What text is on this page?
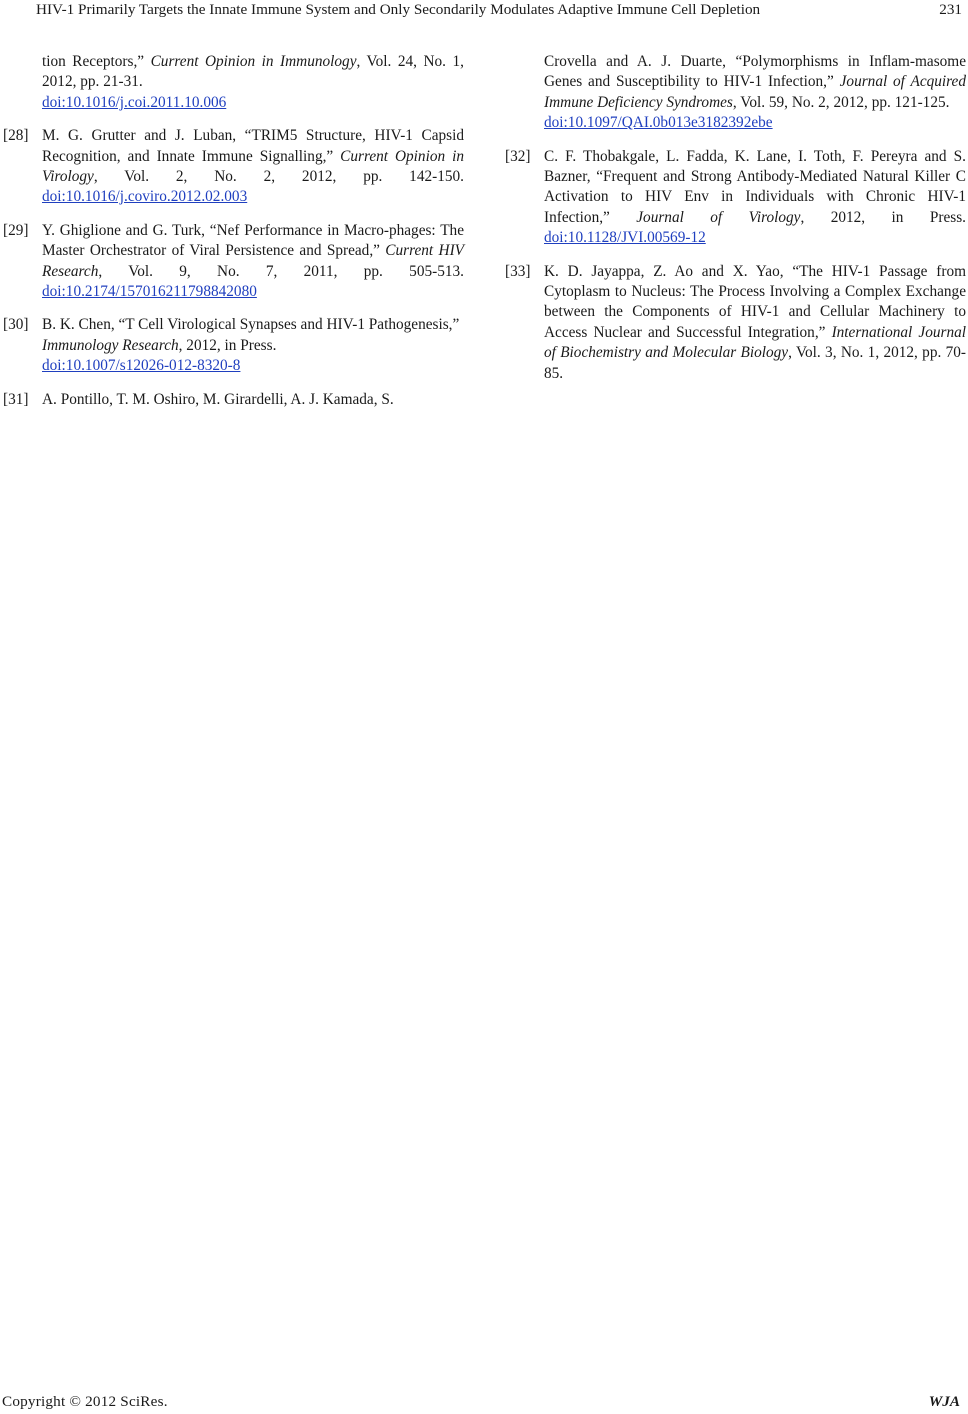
HIV-1 Primarily Targets the Innate Immune System and Only Secondarily Modulates Adaptive Immune Cell Depletion	231
tion Receptors,” Current Opinion in Immunology, Vol. 24, No. 1, 2012, pp. 21-31.
doi:10.1016/j.coi.2011.10.006
[28] M. G. Grutter and J. Luban, “TRIM5 Structure, HIV-1 Capsid Recognition, and Innate Immune Signalling,” Current Opinion in Virology, Vol. 2, No. 2, 2012, pp. 142-150. doi:10.1016/j.coviro.2012.02.003
[29] Y. Ghiglione and G. Turk, “Nef Performance in Macro-phages: The Master Orchestrator of Viral Persistence and Spread,” Current HIV Research, Vol. 9, No. 7, 2011, pp. 505-513. doi:10.2174/157016211798842080
[30] B. K. Chen, “T Cell Virological Synapses and HIV-1 Pathogenesis,” Immunology Research, 2012, in Press.
doi:10.1007/s12026-012-8320-8
[31] A. Pontillo, T. M. Oshiro, M. Girardelli, A. J. Kamada, S.
Crovella and A. J. Duarte, “Polymorphisms in Inflam-masome Genes and Susceptibility to HIV-1 Infection,” Journal of Acquired Immune Deficiency Syndromes, Vol. 59, No. 2, 2012, pp. 121-125.
doi:10.1097/QAI.0b013e3182392ebe
[32] C. F. Thobakgale, L. Fadda, K. Lane, I. Toth, F. Pereyra and S. Bazner, “Frequent and Strong Antibody-Mediated Natural Killer C Activation to HIV Env in Individuals with Chronic HIV-1 Infection,” Journal of Virology, 2012, in Press. doi:10.1128/JVI.00569-12
[33] K. D. Jayappa, Z. Ao and X. Yao, “The HIV-1 Passage from Cytoplasm to Nucleus: The Process Involving a Complex Exchange between the Components of HIV-1 and Cellular Machinery to Access Nuclear and Successful Integration,” International Journal of Biochemistry and Molecular Biology, Vol. 3, No. 1, 2012, pp. 70-85.
Copyright © 2012 SciRes.	WJA
